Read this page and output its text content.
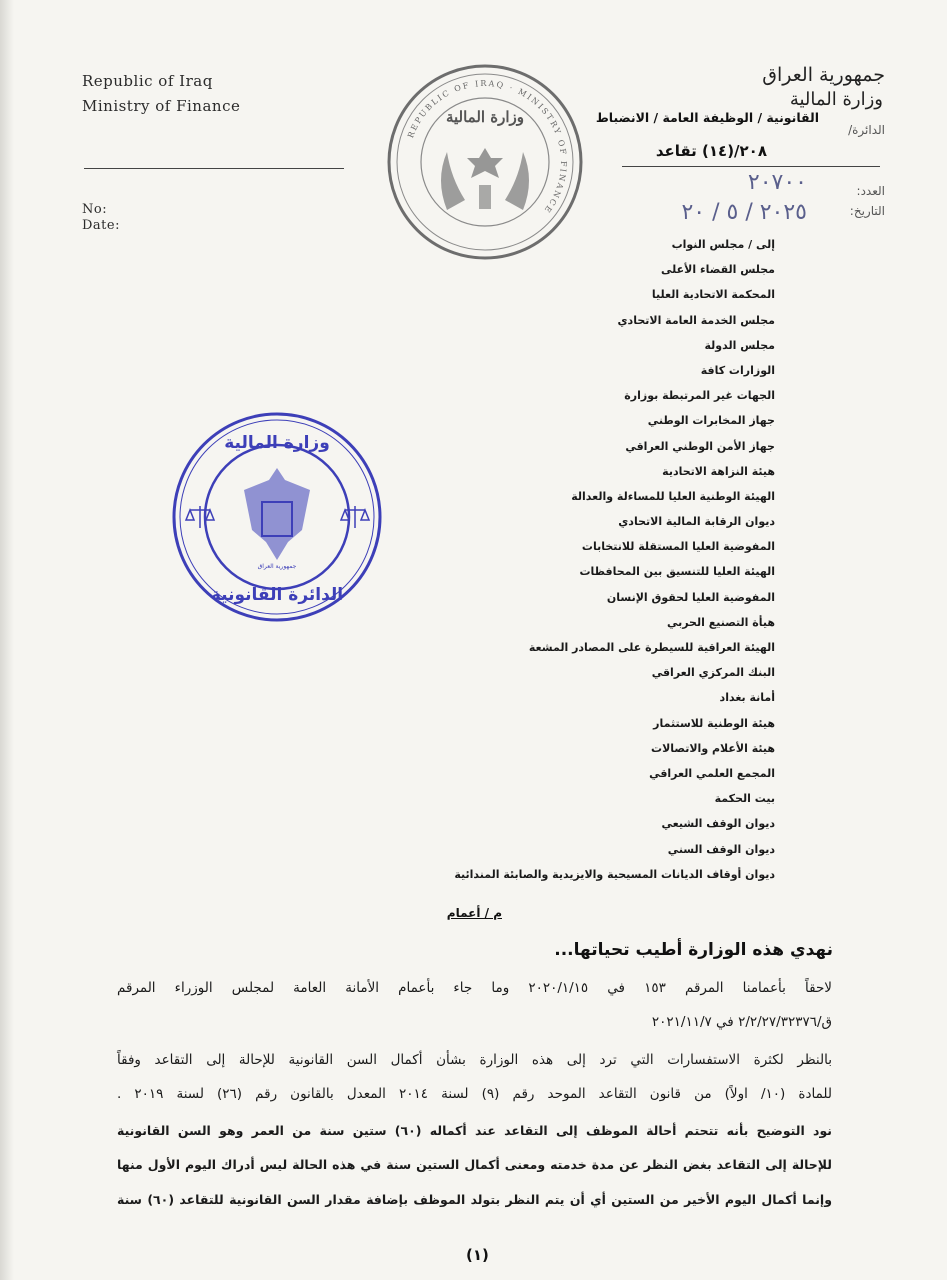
Republic of Iraq
Ministry of Finance
No:
Date:
جمهورية العراق
وزارة المالية
الدائرة/
القانونية / الوظيفة العامة / الانضباط
٢٠٨/(١٤) تقاعد
العدد:
التاريخ:
٢٠٧٠٠
٢٠٢٥ / ٥ / ٢٠
REPUBLIC OF IRAQ · MINISTRY OF FINANCE
وزارة المالية
وزارة المالية
الدائرة القانونية
جمهورية العراق
إلى / مجلس النواب
مجلس القضاء الأعلى
المحكمة الاتحادية العليا
مجلس الخدمة العامة الاتحادي
مجلس الدولة
الوزارات كافة
الجهات غير المرتبطة بوزارة
جهاز المخابرات الوطني
جهاز الأمن الوطني العراقي
هيئة النزاهة الاتحادية
الهيئة الوطنية العليا للمساءلة والعدالة
ديوان الرقابة المالية الاتحادي
المفوضية العليا المستقلة للانتخابات
الهيئة العليا للتنسيق بين المحافظات
المفوضية العليا لحقوق الإنسان
هيأة التصنيع الحربي
الهيئة العراقية للسيطرة على المصادر المشعة
البنك المركزي العراقي
أمانة بغداد
هيئة الوطنية للاستثمار
هيئة الأعلام والاتصالات
المجمع العلمي العراقي
بيت الحكمة
ديوان الوقف الشيعي
ديوان الوقف السني
ديوان أوقاف الديانات المسيحية والايزيدية والصابئة المندائية
م / أعمام
نهدي هذه الوزارة أطيب تحياتها...
لاحقاً بأعمامنا المرقم ١٥٣ في ٢٠٢٠/١/١٥ وما جاء بأعمام الأمانة العامة لمجلس الوزراء المرقم
ق/٢/٢/٢٧/٣٢٣٧٦ في ٢٠٢١/١١/٧
بالنظر لكثرة الاستفسارات التي ترد إلى هذه الوزارة بشأن أكمال السن القانونية للإحالة إلى التقاعد وفقاً
للمادة (١٠/ اولاً) من قانون التقاعد الموحد رقم (٩) لسنة ٢٠١٤ المعدل بالقانون رقم (٢٦) لسنة ٢٠١٩ .
نود التوضيح بأنه تتحتم أحالة الموظف إلى التقاعد عند أكماله (٦٠) ستين سنة من العمر وهو السن القانونية
للإحالة إلى التقاعد بغض النظر عن مدة خدمته ومعنى أكمال الستين سنة في هذه الحالة ليس أدراك اليوم الأول منها
وإنما أكمال اليوم الأخير من الستين أي أن يتم النظر بتولد الموظف بإضافة مقدار السن القانونية للتقاعد (٦٠) سنة
(١)
